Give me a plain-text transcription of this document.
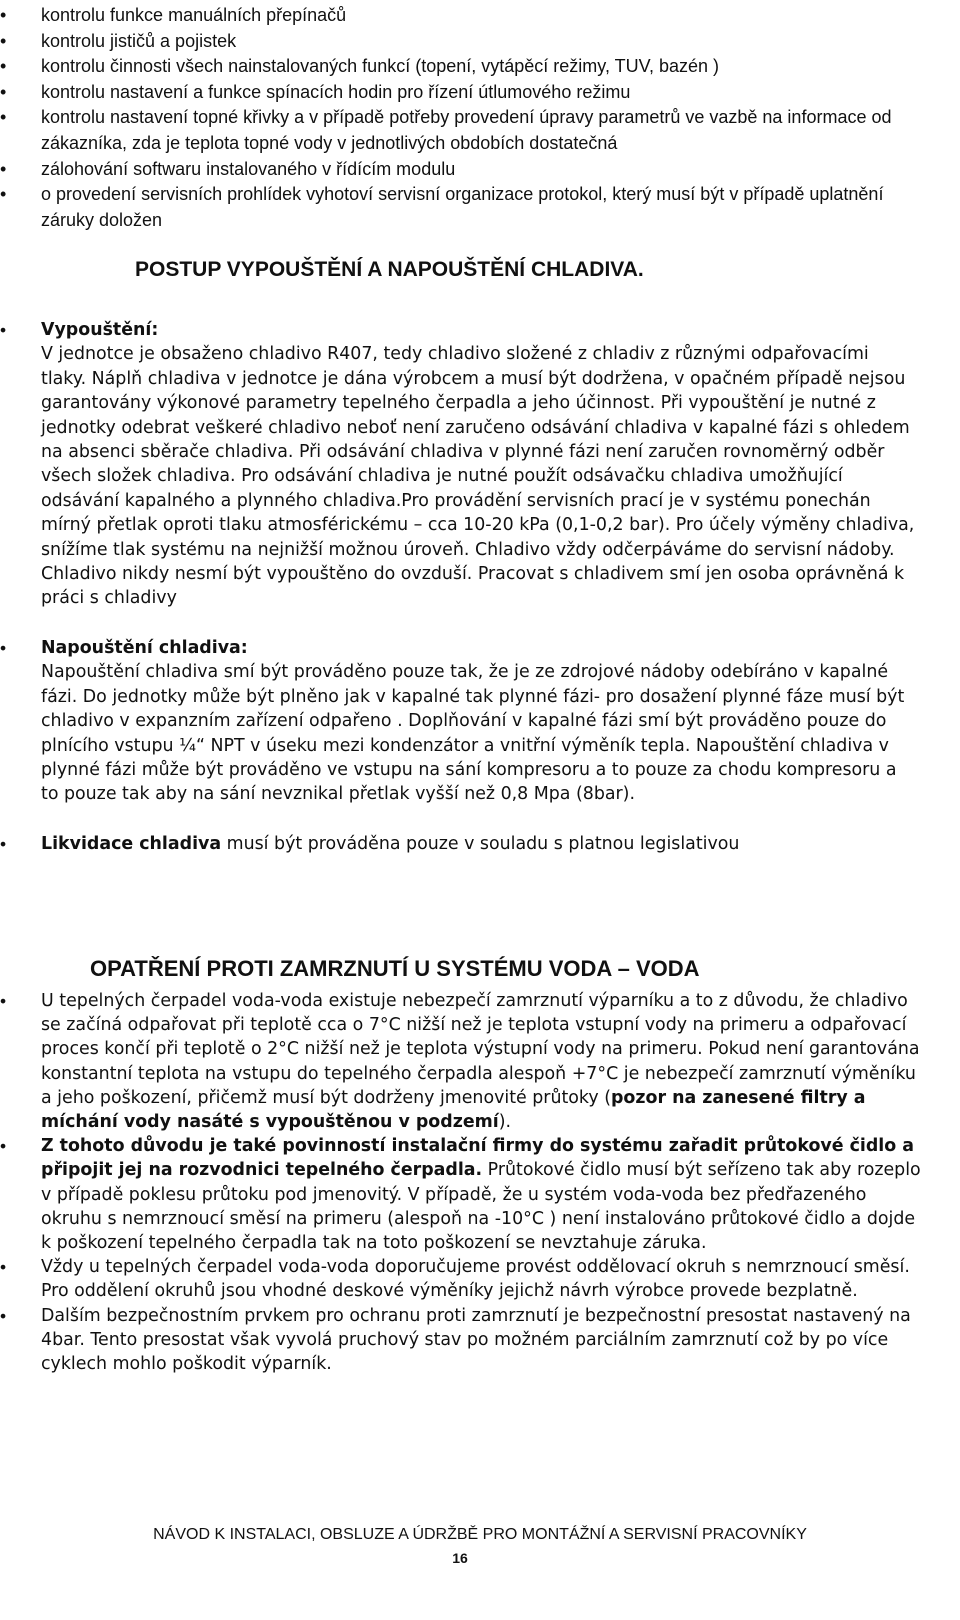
• kontrolu funkce manuálních přepínačů
• kontrolu jističů a pojistek
• kontrolu činnosti všech nainstalovaných funkcí (topení, vytápěcí režimy, TUV, bazén )
• kontrolu nastavení a funkce spínacích hodin pro řízení útlumového režimu
• kontrolu nastavení topné křivky a v případě potřeby provedení úpravy parametrů ve vazbě na informace od zákazníka, zda je teplota topné vody v jednotlivých obdobích dostatečná
• zálohování softwaru instalovaného v řídícím modulu
• o provedení servisních prohlídek vyhotoví servisní organizace protokol, který musí být v případě uplatnění záruky doložen
POSTUP VYPOUŠTĚNÍ A NAPOUŠTĚNÍ CHLADIVA.
• Vypouštění:
V jednotce je obsaženo chladivo R407, tedy chladivo složené z chladiv z různými odpařovacími tlaky. Náplň chladiva v jednotce je dána výrobcem a musí být dodržena, v opačném případě nejsou garantovány výkonové parametry tepelného čerpadla a jeho účinnost. Při vypouštění je nutné z jednotky odebrat veškeré chladivo neboť není zaručeno odsávání chladiva v kapalné fázi s ohledem na absenci sběrače chladiva. Při odsávání chladiva v plynné fázi není zaručen rovnoměrný odběr všech složek chladiva. Pro odsávání chladiva je nutné použít odsávačku chladiva umožňující odsávání kapalného a plynného chladiva.Pro provádění servisních prací je v systému ponechán mírný přetlak oproti tlaku atmosférickému – cca 10-20 kPa (0,1-0,2 bar). Pro účely výměny chladiva, snížíme tlak systému na nejnižší možnou úroveň. Chladivo vždy odčerpáváme do servisní nádoby. Chladivo nikdy nesmí být vypouštěno do ovzduší. Pracovat s chladivem smí jen osoba oprávněná k práci s chladivy
• Napouštění chladiva:
Napouštění chladiva smí být prováděno pouze tak, že je ze zdrojové nádoby odebíráno v kapalné fázi. Do jednotky může být plněno jak v kapalné tak plynné fázi- pro dosažení plynné fáze musí být chladivo v expanzním zařízení odpařeno . Doplňování v kapalné fázi smí být prováděno pouze do plnícího vstupu ¼“ NPT v úseku mezi kondenzátor a vnitřní výměník tepla. Napouštění chladiva v plynné fázi může být prováděno ve vstupu na sání kompresoru a to pouze za chodu kompresoru a to pouze tak aby na sání nevznikal přetlak vyšší než 0,8 Mpa (8bar).
• Likvidace chladiva musí být prováděna pouze v souladu s platnou legislativou
OPATŘENÍ PROTI ZAMRZNUTÍ U SYSTÉMU VODA – VODA
• U tepelných čerpadel voda-voda existuje nebezpečí zamrznutí výparníku a to z důvodu, že chladivo se začíná odpařovat při teplotě cca o 7°C nižší než je teplota vstupní vody na primeru a odpařovací proces končí při teplotě o 2°C nižší než je teplota výstupní vody na primeru. Pokud není garantována konstantní teplota na vstupu do tepelného čerpadla alespoň +7°C je nebezpečí zamrznutí výměníku a jeho poškození, přičemž musí být dodrženy jmenovité průtoky (pozor na zanesené filtry a míchání vody nasáté s vypouštěnou v podzemí).
• Z tohoto důvodu je také povinností instalační firmy do systému zařadit průtokové čidlo a připojit jej na rozvodnici tepelného čerpadla. Průtokové čidlo musí být seřízeno tak aby rozeplo v případě poklesu průtoku pod jmenovitý. V případě, že u systém voda-voda bez předřazeného okruhu s nemrznoucí směsí na primeru (alespoň na -10°C ) není instalováno průtokové čidlo a dojde k poškození tepelného čerpadla tak na toto poškození se nevztahuje záruka.
• Vždy u tepelných čerpadel voda-voda doporučujeme provést oddělovací okruh s nemrznoucí směsí. Pro oddělení okruhů jsou vhodné deskové výměníky jejichž návrh výrobce provede bezplatně.
• Dalším bezpečnostním prvkem pro ochranu proti zamrznutí je bezpečnostní presostat nastavený na 4bar. Tento presostat však vyvolá pruchový stav po možném parciálním zamrznutí což by po více cyklech mohlo poškodit výparník.
NÁVOD K INSTALACI, OBSLUZE A ÚDRŽBĚ PRO MONTÁŽNÍ A SERVISNÍ PRACOVNÍKY
16
